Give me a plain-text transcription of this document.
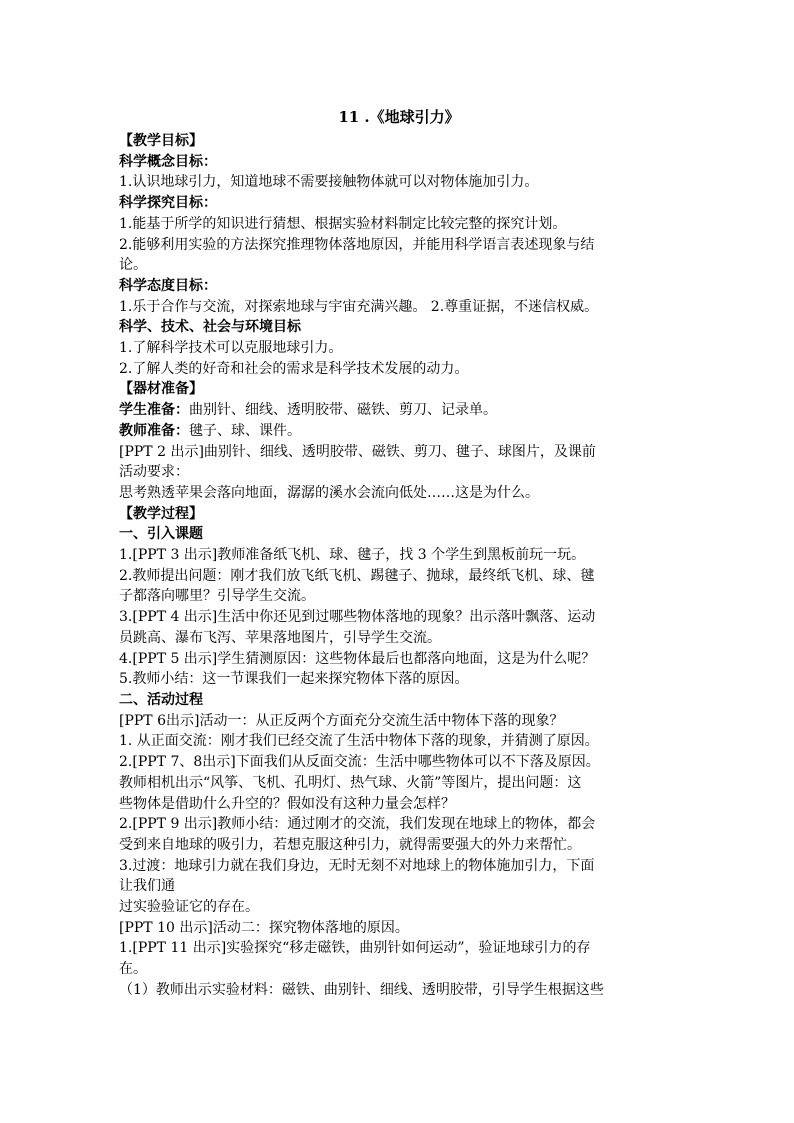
11 .《地球引力》
【教学目标】
科学概念目标：
1.认识地球引力，知道地球不需要接触物体就可以对物体施加引力。
科学探究目标：
1.能基于所学的知识进行猜想、根据实验材料制定比较完整的探究计划。
2.能够利用实验的方法探究推理物体落地原因，并能用科学语言表述现象与结
论。
科学态度目标：
1.乐于合作与交流，对探索地球与宇宙充满兴趣。 2.尊重证据，不迷信权威。
科学、技术、社会与环境目标
1.了解科学技术可以克服地球引力。
2.了解人类的好奇和社会的需求是科学技术发展的动力。
【器材准备】
学生准备：曲别针、细线、透明胶带、磁铁、剪刀、记录单。
教师准备：毽子、球、课件。
[PPT 2 出示]曲别针、细线、透明胶带、磁铁、剪刀、毽子、球图片，及课前
活动要求：
思考熟透苹果会落向地面，潺潺的溪水会流向低处……这是为什么。
【教学过程】
一、引入课题
1.[PPT 3 出示]教师准备纸飞机、球、毽子，找 3 个学生到黑板前玩一玩。
2.教师提出问题：刚才我们放飞纸飞机、踢毽子、抛球，最终纸飞机、球、毽
子都落向哪里？引导学生交流。
3.[PPT 4 出示]生活中你还见到过哪些物体落地的现象？出示落叶飘落、运动
员跳高、瀑布飞泻、苹果落地图片，引导学生交流。
4.[PPT 5 出示]学生猜测原因：这些物体最后也都落向地面，这是为什么呢？
5.教师小结：这一节课我们一起来探究物体下落的原因。
二、活动过程
[PPT 6出示]活动一：从正反两个方面充分交流生活中物体下落的现象？
1. 从正面交流：刚才我们已经交流了生活中物体下落的现象，并猜测了原因。
2.[PPT 7、8出示]下面我们从反面交流：生活中哪些物体可以不下落及原因。
教师相机出示“风筝、飞机、孔明灯、热气球、火箭”等图片，提出问题：这
些物体是借助什么升空的？假如没有这种力量会怎样？
2.[PPT 9 出示]教师小结：通过刚才的交流，我们发现在地球上的物体，都会
受到来自地球的吸引力，若想克服这种引力，就得需要强大的外力来帮忙。
3.过渡：地球引力就在我们身边，无时无刻不对地球上的物体施加引力，下面
让我们通
过实验验证它的存在。
[PPT 10 出示]活动二：探究物体落地的原因。
1.[PPT 11 出示]实验探究“移走磁铁，曲别针如何运动”，验证地球引力的存
在。
（1）教师出示实验材料：磁铁、曲别针、细线、透明胶带，引导学生根据这些
